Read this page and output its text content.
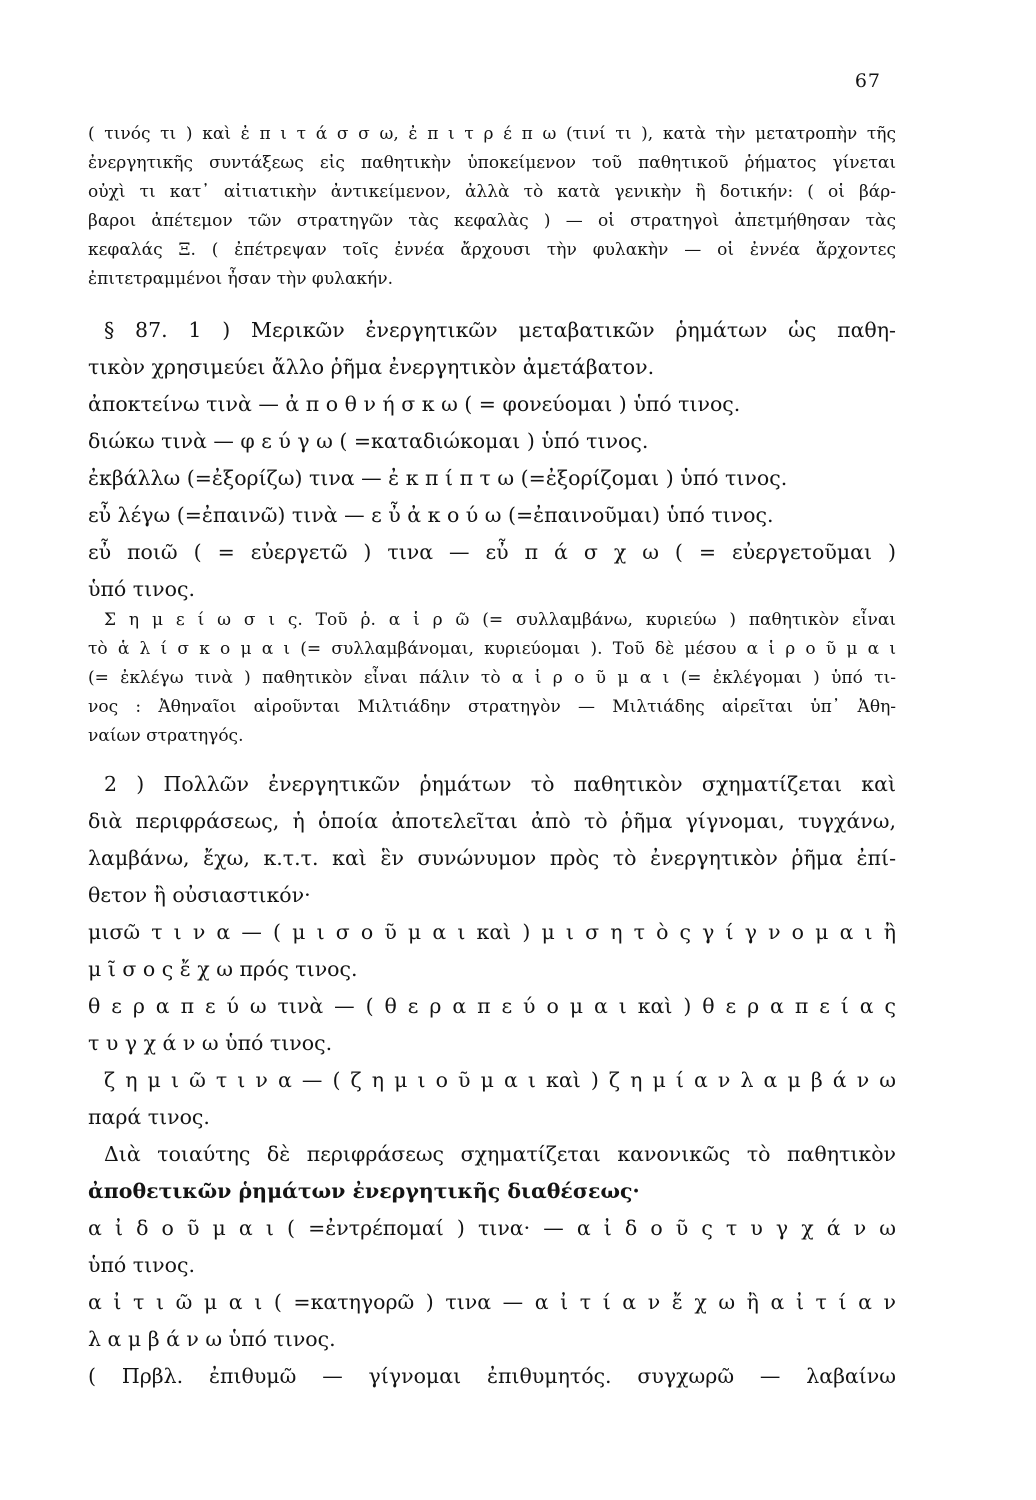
67
( τινός τι ) καὶ ἐ π ι τ ά σ σ ω, ἐ π ι τ ρ έ π ω (τινί τι ), κατὰ τὴν μετατροπὴν τῆς
ἐνεργητικῆς συντάξεως εἰς παθητικὴν ὑποκείμενον τοῦ παθητικοῦ ῥήματος γίνεται
οὐχὶ τι κατ᾽ αἰτιατικὴν ἀντικείμενον, ἀλλὰ τὸ κατὰ γενικὴν ἢ δοτικήν: ( οἱ βάρ-
βαροι ἀπέτεμον τῶν στρατηγῶν τὰς κεφαλὰς ) — οἱ στρατηγοὶ ἀπετμήθησαν τὰς
κεφαλάς Ξ. ( ἐπέτρεψαν τοῖς ἐννέα ἄρχουσι τὴν φυλακὴν — οἱ ἐννέα ἄρχοντες
ἐπιτετραμμένοι ἦσαν τὴν φυλακήν.
§ 87. 1 ) Μερικῶν ἐνεργητικῶν μεταβατικῶν ῥημάτων ὡς παθη-
τικὸν χρησιμεύει ἄλλο ῥῆμα ἐνεργητικὸν ἀμετάβατον.
ἀποκτείνω τινὰ — ἀ π ο θ ν ή σ κ ω ( = φονεύομαι ) ὑπό τινος.
διώκω τινὰ — φ ε ύ γ ω ( =καταδιώκομαι ) ὑπό τινος.
ἐκβάλλω (=ἐξορίζω) τινα — ἐ κ π ί π τ ω (=ἐξορίζομαι ) ὑπό τινος.
εὖ λέγω (=ἐπαινῶ) τινὰ — ε ὖ ἀ κ ο ύ ω (=ἐπαινοῦμαι) ὑπό τινος.
εὖ ποιῶ ( = εὐεργετῶ ) τινα — εὖ π ά σ χ ω ( = εὐεργετοῦμαι )
ὑπό τινος.
Σ η μ ε ί ω σ ι ς. Τοῦ ῥ. α ἱ ρ ῶ (= συλλαμβάνω, κυριεύω ) παθητικὸν εἶναι
τὸ ἁ λ ί σ κ ο μ α ι (= συλλαμβάνομαι, κυριεύομαι ). Τοῦ δὲ μέσου α ἱ ρ ο ῦ μ α ι
(= ἐκλέγω τινὰ ) παθητικὸν εἶναι πάλιν τὸ α ἱ ρ ο ῦ μ α ι (= ἐκλέγομαι ) ὑπό τι-
νος : Ἀθηναῖοι αἱροῦνται Μιλτιάδην στρατηγὸν — Μιλτιάδης αἱρεῖται ὑπ᾽ Ἀθη-
ναίων στρατηγός.
2 ) Πολλῶν ἐνεργητικῶν ῥημάτων τὸ παθητικὸν σχηματίζεται καὶ
διὰ περιφράσεως, ἡ ὁποία ἀποτελεῖται ἀπὸ τὸ ῥῆμα γίγνομαι, τυγχάνω,
λαμβάνω, ἔχω, κ.τ.τ. καὶ ἓν συνώνυμον πρὸς τὸ ἐνεργητικὸν ῥῆμα ἐπί-
θετον ἢ οὐσιαστικόν·
μισῶ τ ι ν α — ( μ ι σ ο ῦ μ α ι καὶ ) μ ι σ η τ ὸ ς γ ί γ ν ο μ α ι ἢ
μ ῖ σ ο ς ἔ χ ω πρός τινος.
θ ε ρ α π ε ύ ω τινὰ — ( θ ε ρ α π ε ύ ο μ α ι καὶ ) θ ε ρ α π ε ί α ς
τ υ γ χ ά ν ω ὑπό τινος.
ζ η μ ι ῶ τ ι ν α — ( ζ η μ ι ο ῦ μ α ι καὶ ) ζ η μ ί α ν λ α μ β ά ν ω
παρά τινος.
Διὰ τοιαύτης δὲ περιφράσεως σχηματίζεται κανονικῶς τὸ παθητικὸν
ἀποθετικῶν ῥημάτων ἐνεργητικῆς διαθέσεως·
α ἰ δ ο ῦ μ α ι ( =ἐντρέπομαί ) τινα· — α ἰ δ ο ῦ ς τ υ γ χ ά ν ω
ὑπό τινος.
α ἰ τ ι ῶ μ α ι ( =κατηγορῶ ) τινα — α ἰ τ ί α ν ἔ χ ω ἢ α ἰ τ ί α ν
λ α μ β ά ν ω ὑπό τινος.
( Πρβλ. ἐπιθυμῶ — γίγνομαι ἐπιθυμητός. συγχωρῶ — λαβαίνω
